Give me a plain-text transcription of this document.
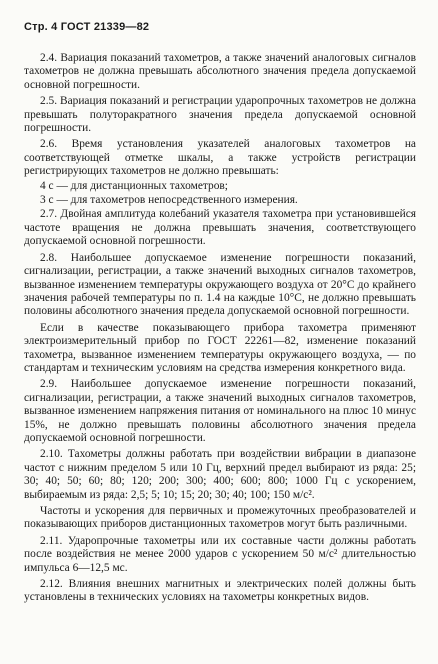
Стр. 4 ГОСТ 21339—82

2.4. Вариация показаний тахометров, а также значений аналоговых сигналов тахометров не должна превышать абсолютного значения предела допускаемой основной погрешности.

2.5. Вариация показаний и регистрации ударопрочных тахометров не должна превышать полуторакратного значения предела допускаемой основной погрешности.

2.6. Время установления указателей аналоговых тахометров на соответствующей отметке шкалы, а также устройств регистрации регистрирующих тахометров не должно превышать:

4 с — для дистанционных тахометров;

3 с — для тахометров непосредственного измерения.

2.7. Двойная амплитуда колебаний указателя тахометра при установившейся частоте вращения не должна превышать значения, соответствующего допускаемой основной погрешности.

2.8. Наибольшее допускаемое изменение погрешности показаний, сигнализации, регистрации, а также значений выходных сигналов тахометров, вызванное изменением температуры окружающего воздуха от 20°С до крайнего значения рабочей температуры по п. 1.4 на каждые 10°С, не должно превышать половины абсолютного значения предела допускаемой основной погрешности.

Если в качестве показывающего прибора тахометра применяют электроизмерительный прибор по ГОСТ 22261—82, изменение показаний тахометра, вызванное изменением температуры окружающего воздуха, — по стандартам и техническим условиям на средства измерения конкретного вида.

2.9. Наибольшее допускаемое изменение погрешности показаний, сигнализации, регистрации, а также значений выходных сигналов тахометров, вызванное изменением напряжения питания от номинального на плюс 10 минус 15%, не должно превышать половины абсолютного значения предела допускаемой основной погрешности.

2.10. Тахометры должны работать при воздействии вибрации в диапазоне частот с нижним пределом 5 или 10 Гц, верхний предел выбирают из ряда: 25; 30; 40; 50; 60; 80; 120; 200; 300; 400; 600; 800; 1000 Гц с ускорением, выбираемым из ряда: 2,5; 5; 10; 15; 20; 30; 40; 100; 150 м/с².

Частоты и ускорения для первичных и промежуточных преобразователей и показывающих приборов дистанционных тахометров могут быть различными.

2.11. Ударопрочные тахометры или их составные части должны работать после воздействия не менее 2000 ударов с ускорением 50 м/с² длительностью импульса 6—12,5 мс.

2.12. Влияния внешних магнитных и электрических полей должны быть установлены в технических условиях на тахометры конкретных видов.
